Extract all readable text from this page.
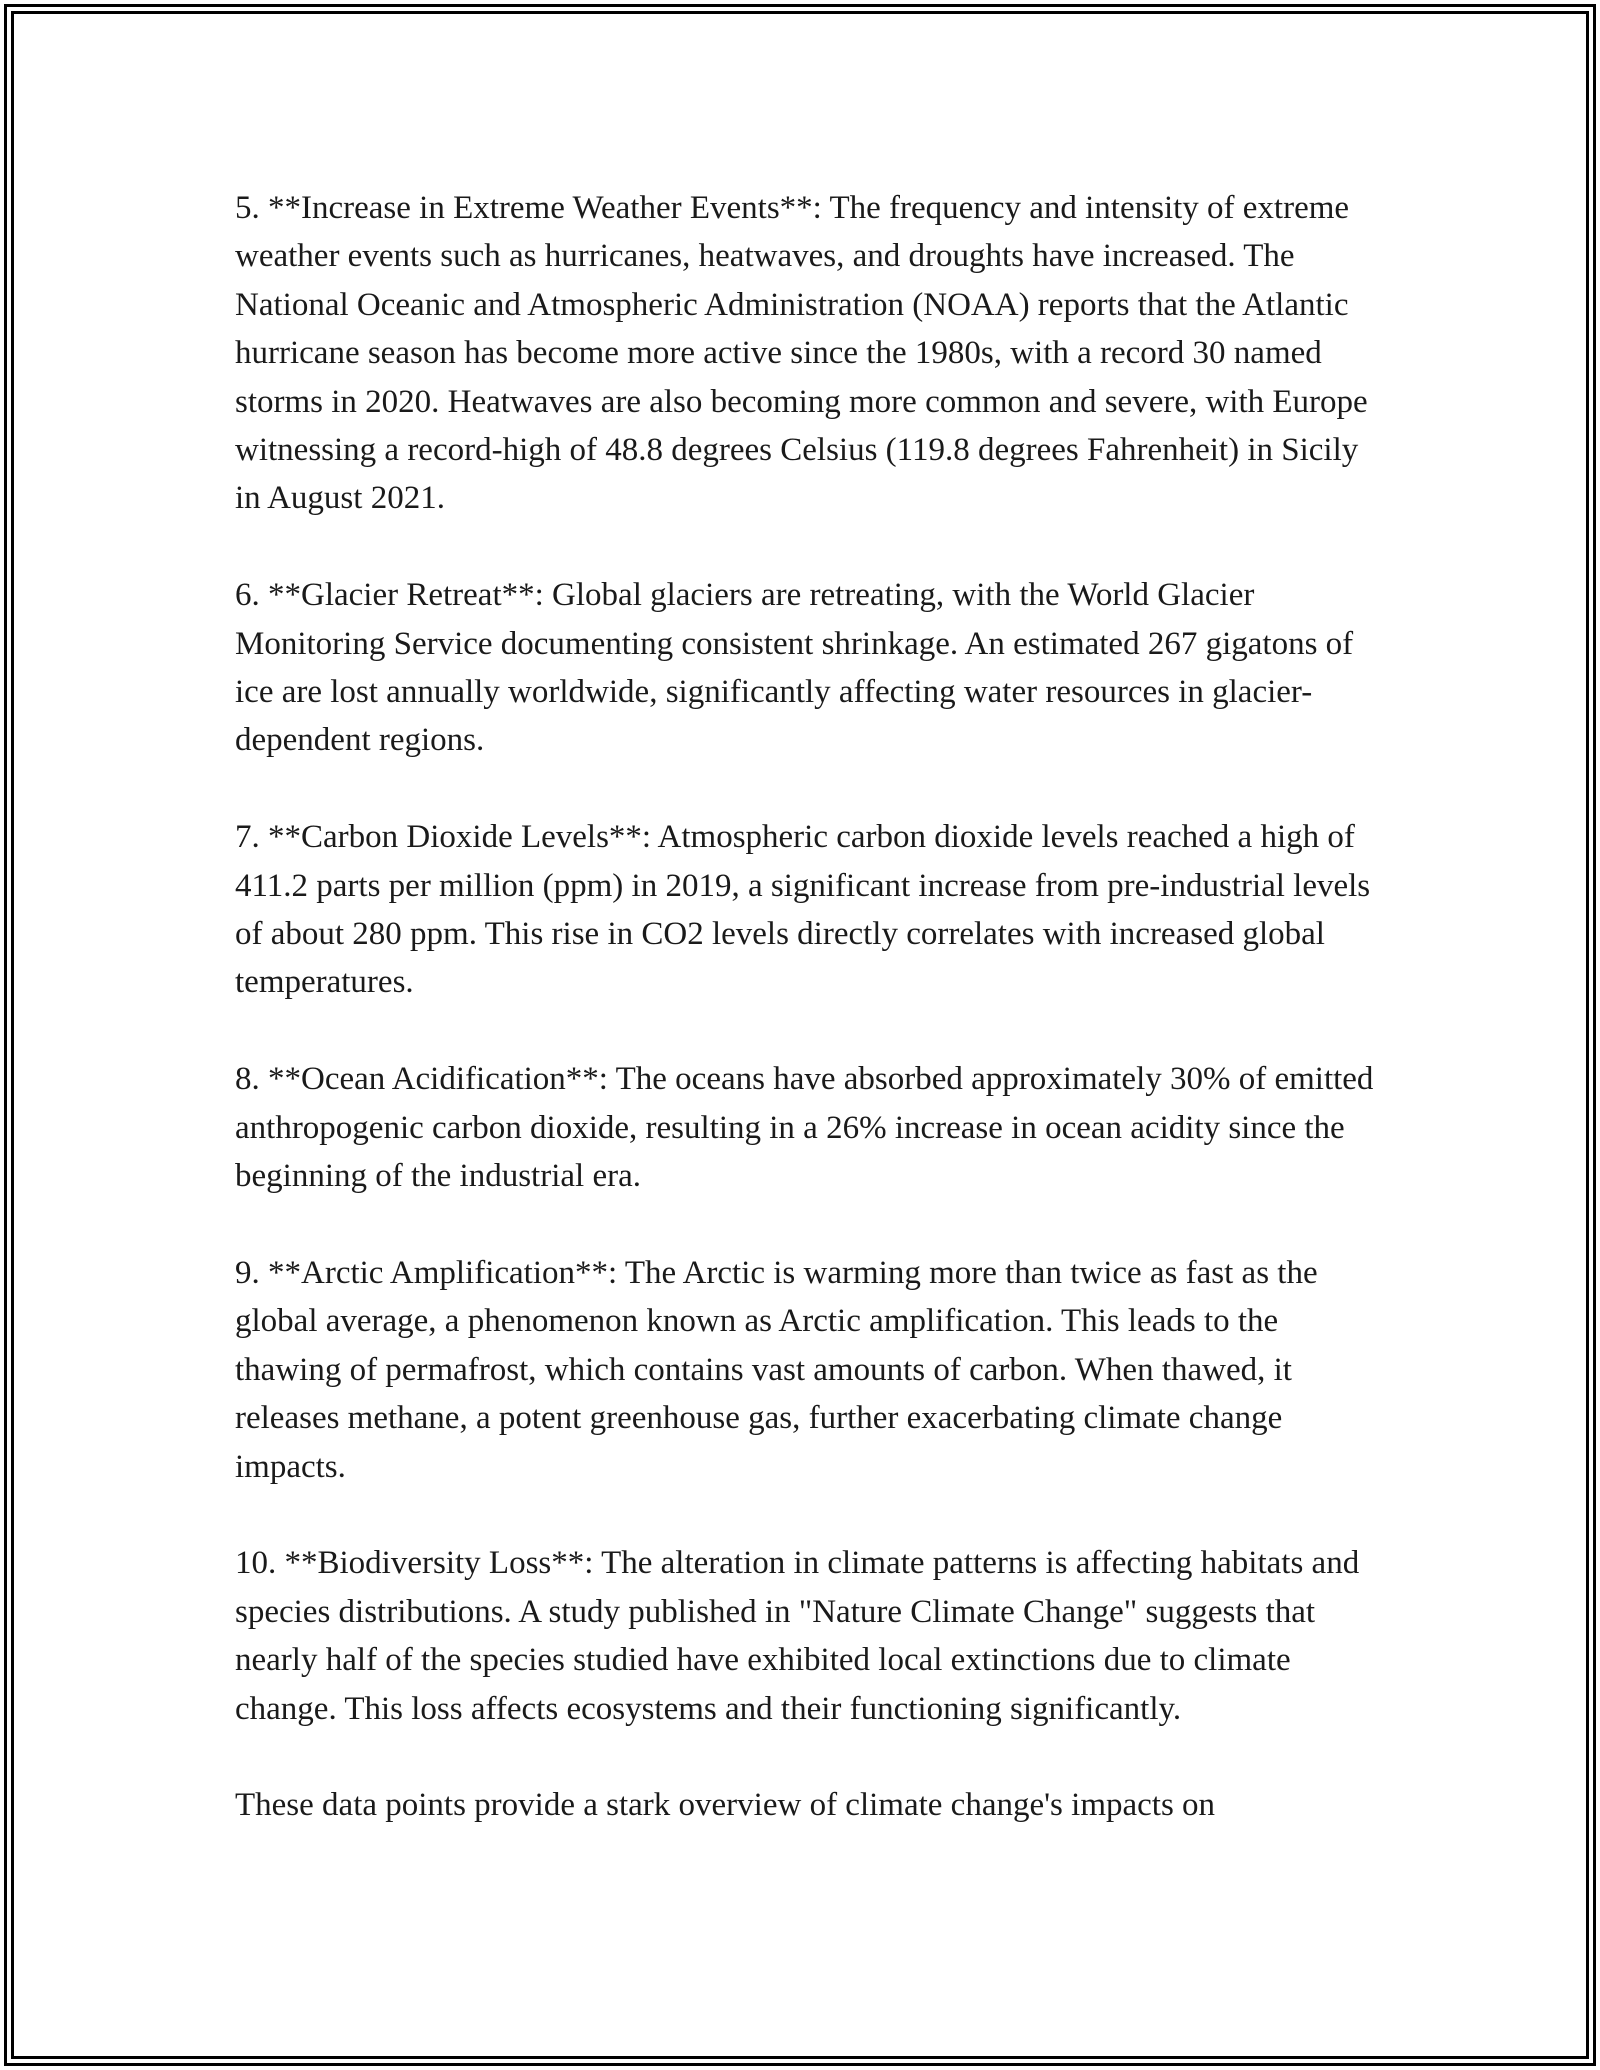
5. **Increase in Extreme Weather Events**: The frequency and intensity of extreme weather events such as hurricanes, heatwaves, and droughts have increased. The National Oceanic and Atmospheric Administration (NOAA) reports that the Atlantic hurricane season has become more active since the 1980s, with a record 30 named storms in 2020. Heatwaves are also becoming more common and severe, with Europe witnessing a record-high of 48.8 degrees Celsius (119.8 degrees Fahrenheit) in Sicily in August 2021.

6. **Glacier Retreat**: Global glaciers are retreating, with the World Glacier Monitoring Service documenting consistent shrinkage. An estimated 267 gigatons of ice are lost annually worldwide, significantly affecting water resources in glacier-dependent regions.

7. **Carbon Dioxide Levels**: Atmospheric carbon dioxide levels reached a high of 411.2 parts per million (ppm) in 2019, a significant increase from pre-industrial levels of about 280 ppm. This rise in CO2 levels directly correlates with increased global temperatures.

8. **Ocean Acidification**: The oceans have absorbed approximately 30% of emitted anthropogenic carbon dioxide, resulting in a 26% increase in ocean acidity since the beginning of the industrial era.

9. **Arctic Amplification**: The Arctic is warming more than twice as fast as the global average, a phenomenon known as Arctic amplification. This leads to the thawing of permafrost, which contains vast amounts of carbon. When thawed, it releases methane, a potent greenhouse gas, further exacerbating climate change impacts.

10. **Biodiversity Loss**: The alteration in climate patterns is affecting habitats and species distributions. A study published in "Nature Climate Change" suggests that nearly half of the species studied have exhibited local extinctions due to climate change. This loss affects ecosystems and their functioning significantly.

These data points provide a stark overview of climate change's impacts on
